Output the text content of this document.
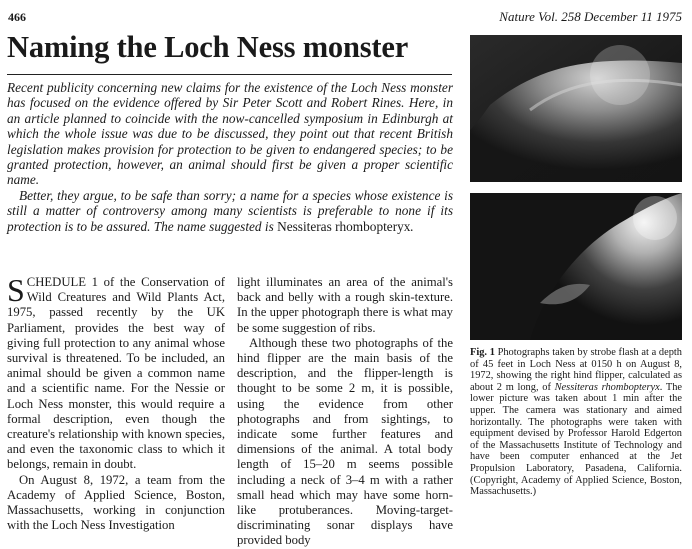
466	Nature Vol. 258 December 11 1975
Naming the Loch Ness monster

Recent publicity concerning new claims for the existence of the Loch Ness monster has focused on the evidence offered by Sir Peter Scott and Robert Rines. Here, in an article planned to coincide with the now-cancelled symposium in Edinburgh at which the whole issue was due to be discussed, they point out that recent British legislation makes provision for protection to be given to endangered species; to be granted protection, however, an animal should first be given a proper scientific name.

Better, they argue, to be safe than sorry; a name for a species whose existence is still a matter of controversy among many scientists is preferable to none if its protection is to be assured. The name suggested is Nessiteras rhombopteryx.

SCHEDULE 1 of the Conservation of Wild Creatures and Wild Plants Act, 1975, passed recently by the UK Parliament, provides the best way of giving full protection to any animal whose survival is threatened. To be included, an animal should be given a common name and a scientific name. For the Nessie or Loch Ness monster, this would require a formal description, even though the creature's relationship with known species, and even the taxonomic class to which it belongs, remain in doubt.

On August 8, 1972, a team from the Academy of Applied Science, Boston, Massachusetts, working in conjunction with the Loch Ness Investigation

light illuminates an area of the animal's back and belly with a rough skin-texture. In the upper photograph there is what may be some suggestion of ribs.

Although these two photographs of the hind flipper are the main basis of the description, and the flipper-length is thought to be some 2 m, it is possible, using the evidence from other photographs and from sightings, to indicate some further features and dimensions of the animal. A total body length of 15–20 m seems possible including a neck of 3–4 m with a rather small head which may have some horn-like protuberances. Moving-target-discriminating sonar displays have provided body

Fig. 1 Photographs taken by strobe flash at a depth of 45 feet in Loch Ness at 0150 h on August 8, 1972, showing the right hind flipper, calculated as about 2 m long, of Nessiteras rhombopteryx. The lower picture was taken about 1 min after the upper. The camera was stationary and aimed horizontally. The photographs were taken with equipment devised by Professor Harold Edgerton of the Massachusetts Institute of Technology and have been computer enhanced at the Jet Propulsion Laboratory, Pasadena, California. (Copyright, Academy of Applied Science, Boston, Massachusetts.)
